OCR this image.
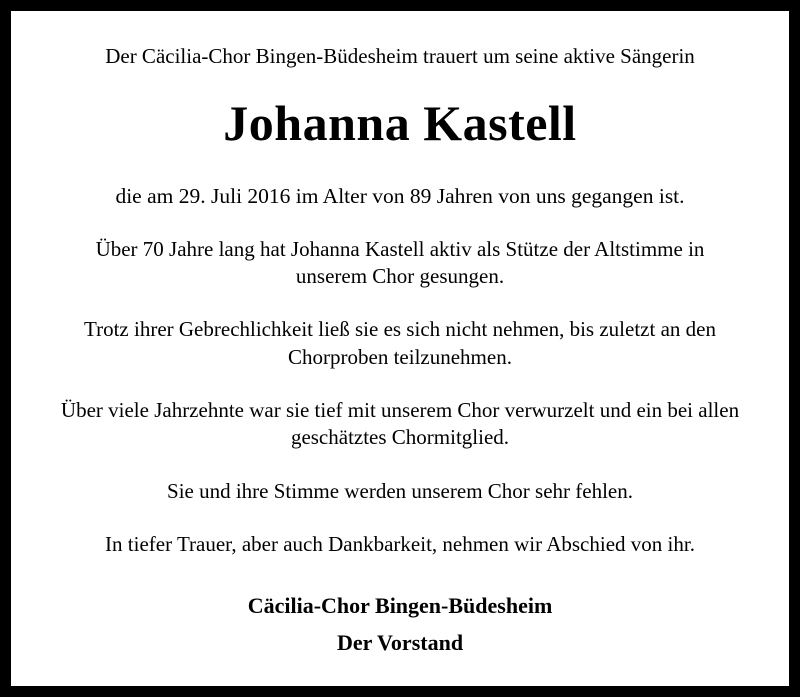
Der Cäcilia-Chor Bingen-Büdesheim trauert um seine aktive Sängerin
Johanna Kastell
die am 29. Juli 2016 im Alter von 89 Jahren von uns gegangen ist.
Über 70 Jahre lang hat Johanna Kastell aktiv als Stütze der Altstimme in unserem Chor gesungen.
Trotz ihrer Gebrechlichkeit ließ sie es sich nicht nehmen, bis zuletzt an den Chorproben teilzunehmen.
Über viele Jahrzehnte war sie tief mit unserem Chor verwurzelt und ein bei allen geschätztes Chormitglied.
Sie und ihre Stimme werden unserem Chor sehr fehlen.
In tiefer Trauer, aber auch Dankbarkeit, nehmen wir Abschied von ihr.
Cäcilia-Chor Bingen-Büdesheim
Der Vorstand
